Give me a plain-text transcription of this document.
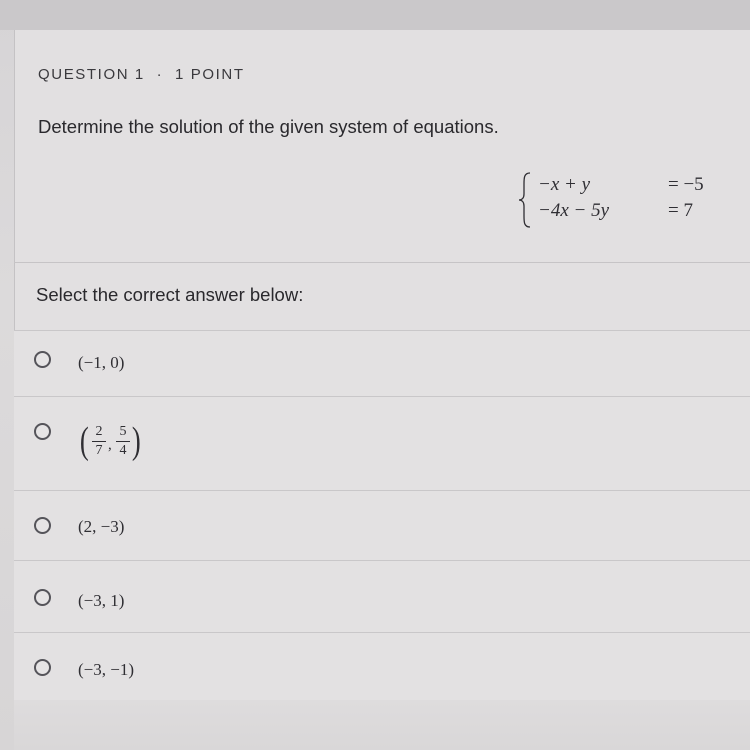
QUESTION 1 · 1 POINT
Determine the solution of the given system of equations.
−x + y	= −5
−4x − 5y	= 7
Select the correct answer below:
(−1, 0)
( $\frac{2}{7}$ , $\frac{5}{4}$ )
(2, −3)
(−3, 1)
(−3, −1)
